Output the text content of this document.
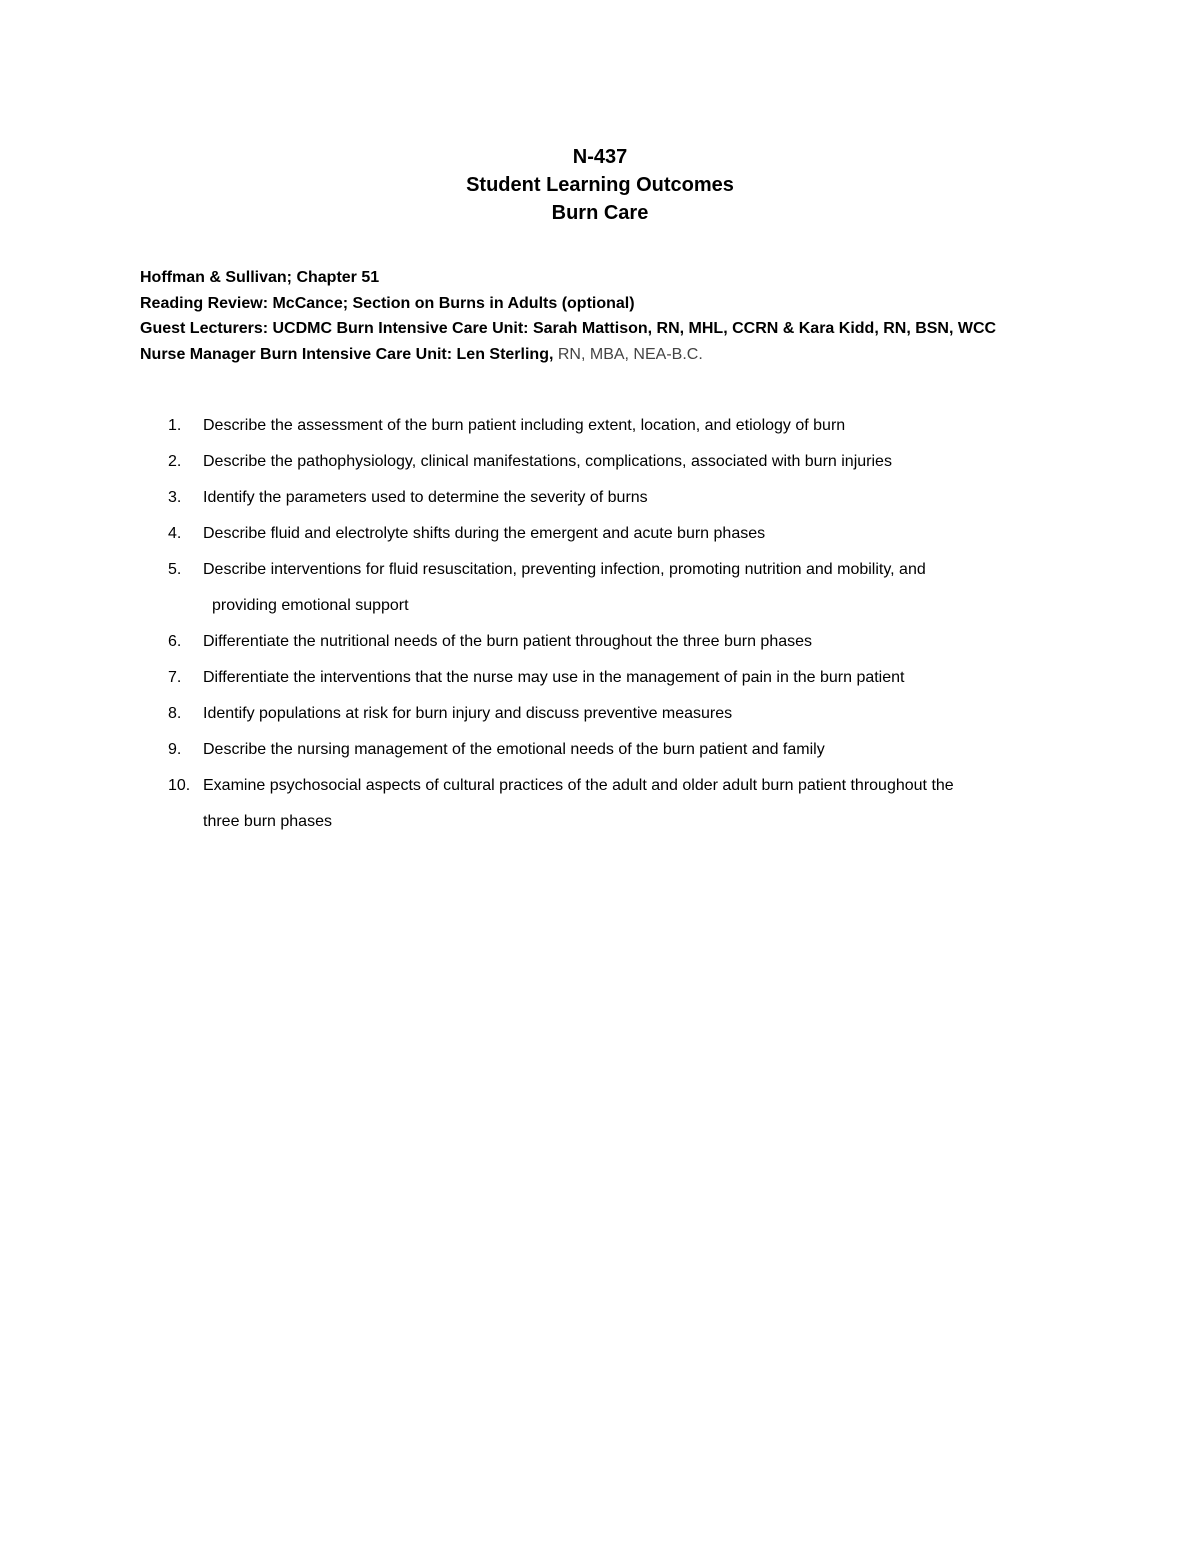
N-437
Student Learning Outcomes
Burn Care
Hoffman & Sullivan; Chapter 51
Reading Review: McCance; Section on Burns in Adults (optional)
Guest Lecturers: UCDMC Burn Intensive Care Unit: Sarah Mattison, RN, MHL, CCRN & Kara Kidd, RN, BSN, WCC
Nurse Manager Burn Intensive Care Unit: Len Sterling, RN, MBA, NEA-B.C.
1.	Describe the assessment of the burn patient including extent, location, and etiology of burn
2.	Describe the pathophysiology, clinical manifestations, complications, associated with burn injuries
3.	Identify the parameters used to determine the severity of burns
4.	Describe fluid and electrolyte shifts during the emergent and acute burn phases
5.	Describe interventions for fluid resuscitation, preventing infection, promoting nutrition and mobility, and
providing emotional support
6.	Differentiate the nutritional needs of the burn patient throughout the three burn phases
7.	Differentiate the interventions that the nurse may use in the management of pain in the burn patient
8.	Identify populations at risk for burn injury and discuss preventive measures
9.	Describe the nursing management of the emotional needs of the burn patient and family
10. Examine psychosocial aspects of cultural practices of the adult and older adult burn patient throughout the
three burn phases
